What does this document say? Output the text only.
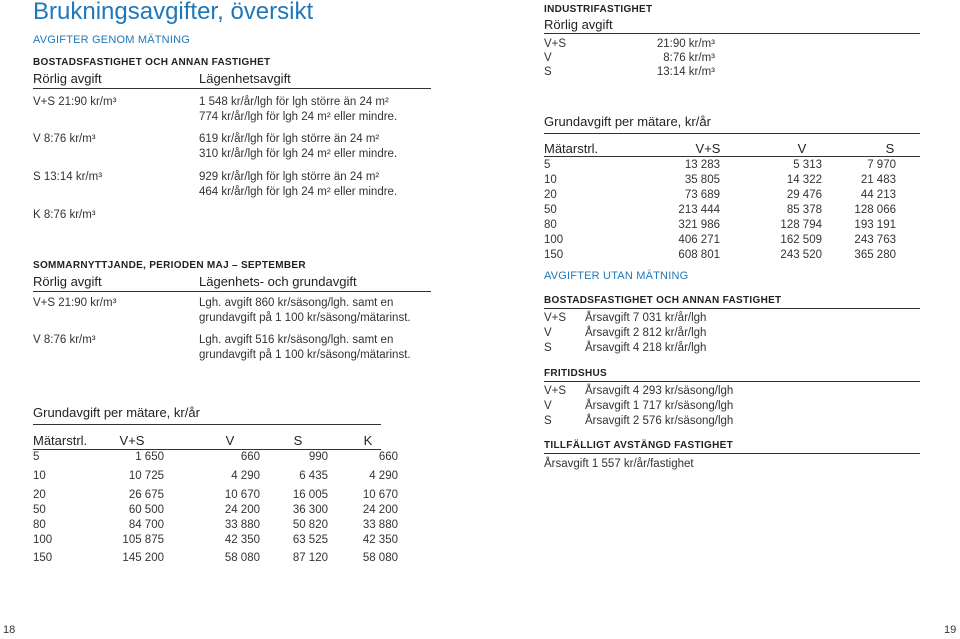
Brukningsavgifter, översikt
AVGIFTER GENOM MÄTNING
BOSTADSFASTIGHET OCH ANNAN FASTIGHET
Rörlig avgift	Lägenhetsavgift
V+S 21:90 kr/m³	1 548 kr/år/lgh för lgh större än 24 m²
774 kr/år/lgh för lgh 24 m² eller mindre.
V 8:76 kr/m³	619 kr/år/lgh för lgh större än 24 m²
310 kr/år/lgh för lgh 24 m² eller mindre.
S 13:14 kr/m³	929 kr/år/lgh för lgh större än 24 m²
464 kr/år/lgh för lgh 24 m² eller mindre.
K 8:76 kr/m³
SOMMARNYTTJANDE, PERIODEN MAJ – SEPTEMBER
Rörlig avgift	Lägenhets- och grundavgift
V+S 21:90 kr/m³	Lgh. avgift 860 kr/säsong/lgh. samt en
grundavgift på 1 100 kr/säsong/mätarinst.
V 8:76 kr/m³	Lgh. avgift 516 kr/säsong/lgh. samt en
grundavgift på 1 100 kr/säsong/mätarinst.
Grundavgift per mätare, kr/år
Mätarstrl.	V+S	V	S	K
5	1 650	660	990	660
10	10 725	4 290	6 435	4 290
20	26 675	10 670	16 005	10 670
50	60 500	24 200	36 300	24 200
80	84 700	33 880	50 820	33 880
100	105 875	42 350	63 525	42 350
150	145 200	58 080	87 120	58 080
18
INDUSTRIFASTIGHET
Rörlig avgift
V+S	21:90 kr/m³
V	8:76 kr/m³
S	13:14 kr/m³
Grundavgift per mätare, kr/år
Mätarstrl.	V+S	V	S
5	13 283	5 313	7 970
10	35 805	14 322	21 483
20	73 689	29 476	44 213
50	213 444	85 378	128 066
80	321 986	128 794	193 191
100	406 271	162 509	243 763
150	608 801	243 520	365 280
AVGIFTER UTAN MÄTNING
BOSTADSFASTIGHET OCH ANNAN FASTIGHET
V+S Årsavgift 7 031 kr/år/lgh
V	Årsavgift 2 812 kr/år/lgh
S	Årsavgift 4 218 kr/år/lgh
FRITIDSHUS
V+S Årsavgift 4 293 kr/säsong/lgh
V	Årsavgift 1 717 kr/säsong/lgh
S	Årsavgift 2 576 kr/säsong/lgh
TILLFÄLLIGT AVSTÄNGD FASTIGHET
Årsavgift 1 557 kr/år/fastighet
19
